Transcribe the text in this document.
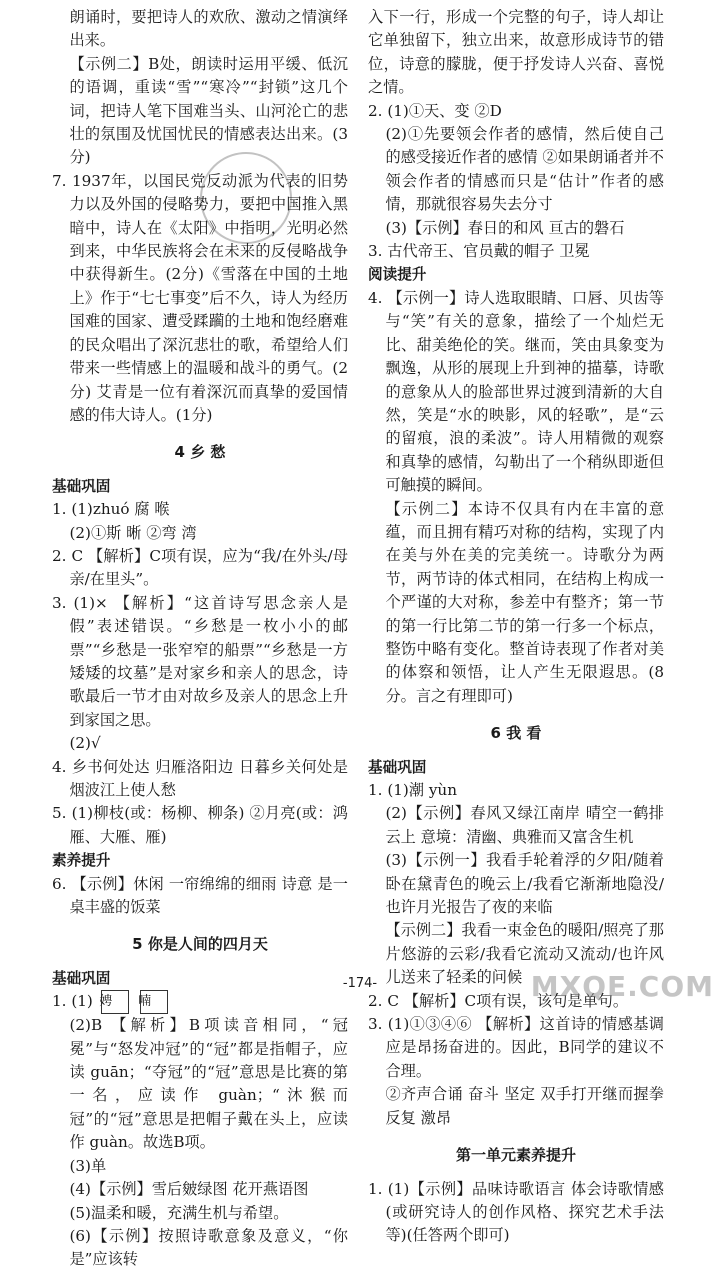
朗诵时，要把诗人的欢欣、激动之情演绎出来。

【示例二】B处，朗读时运用平缓、低沉的语调，重读“雪”“寒冷”“封锁”这几个词，把诗人笔下国难当头、山河沦亡的悲壮的氛围及忧国忧民的情感表达出来。(3分)

7. 1937年，以国民党反动派为代表的旧势力以及外国的侵略势力，要把中国推入黑暗中，诗人在《太阳》中指明，光明必然到来，中华民族将会在未来的反侵略战争中获得新生。(2分)《雪落在中国的土地上》作于“七七事变”后不久，诗人为经历国难的国家、遭受蹂躏的土地和饱经磨难的民众唱出了深沉悲壮的歌，希望给人们带来一些情感上的温暖和战斗的勇气。(2分) 艾青是一位有着深沉而真挚的爱国情感的伟大诗人。(1分)

4 乡 愁

基础巩固

1. (1)zhuó 腐 喉

(2)①斯 晰 ②弯 湾

2. C 【解析】C项有误，应为“我/在外头/母亲/在里头”。

3. (1)× 【解析】“这首诗写思念亲人是假”表述错误。“乡愁是一枚小小的邮票”“乡愁是一张窄窄的船票”“乡愁是一方矮矮的坟墓”是对家乡和亲人的思念，诗歌最后一节才由对故乡及亲人的思念上升到家国之思。

(2)√

4. 乡书何处达 归雁洛阳边 日暮乡关何处是 烟波江上使人愁

5. (1)柳枝(或：杨柳、柳条) ②月亮(或：鸿雁、大雁、雁)

素养提升

6. 【示例】休闲 一帘绵绵的细雨 诗意 是一桌丰盛的饭菜

5 你是人间的四月天

基础巩固

1. (1) 娉 喃

(2)B 【解析】B项读音相同，“冠冕”与“怒发冲冠”的“冠”都是指帽子，应读 guān；“夺冠”的“冠”意思是比赛的第一名，应读作 guàn；“沐猴而冠”的“冠”意思是把帽子戴在头上，应读作 guàn。故选B项。

(3)单

(4)【示例】雪后皴绿图 花开燕语图

(5)温柔和暖，充满生机与希望。

(6)【示例】按照诗歌意象及意义，“你是”应该转

入下一行，形成一个完整的句子，诗人却让它单独留下，独立出来，故意形成诗节的错位，诗意的朦胧，便于抒发诗人兴奋、喜悦之情。

2. (1)①天、变 ②D

(2)①先要领会作者的感情，然后使自己的感受接近作者的感情 ②如果朗诵者并不领会作者的情感而只是“估计”作者的感情，那就很容易失去分寸

(3)【示例】春日的和风 亘古的磐石

3. 古代帝王、官员戴的帽子 卫冕

阅读提升

4. 【示例一】诗人选取眼睛、口唇、贝齿等与“笑”有关的意象，描绘了一个灿烂无比、甜美绝伦的笑。继而，笑由具象变为飘逸，从形的展现上升到神的描摹，诗歌的意象从人的脸部世界过渡到清新的大自然，笑是“水的映影，风的轻歌”，是“云的留痕，浪的柔波”。诗人用精微的观察和真挚的感情，勾勒出了一个稍纵即逝但可触摸的瞬间。

【示例二】本诗不仅具有内在丰富的意蕴，而且拥有精巧对称的结构，实现了内在美与外在美的完美统一。诗歌分为两节，两节诗的体式相同，在结构上构成一个严谨的大对称，参差中有整齐；第一节的第一行比第二节的第一行多一个标点，整饬中略有变化。整首诗表现了作者对美的体察和领悟，让人产生无限遐思。(8分。言之有理即可)

6 我 看

基础巩固

1. (1)潮 yùn

(2)【示例】春风又绿江南岸 晴空一鹤排云上 意境：清幽、典雅而又富含生机

(3)【示例一】我看手轮着浮的夕阳/随着卧在黛青色的晚云上/我看它渐渐地隐没/也许月光报告了夜的来临

【示例二】我看一束金色的暖阳/照亮了那片悠游的云彩/我看它流动又流动/也许风儿送来了轻柔的问候

2. C 【解析】C项有误，该句是单句。

3. (1)①③④⑥ 【解析】这首诗的情感基调应是昂扬奋进的。因此，B同学的建议不合理。

②齐声合诵 奋斗 坚定 双手打开继而握拳 反复 激昂

第一单元素养提升

1. (1)【示例】品味诗歌语言 体会诗歌情感(或研究诗人的创作风格、探究艺术手法等)(任答两个即可)

-174-	MXQE.COM
